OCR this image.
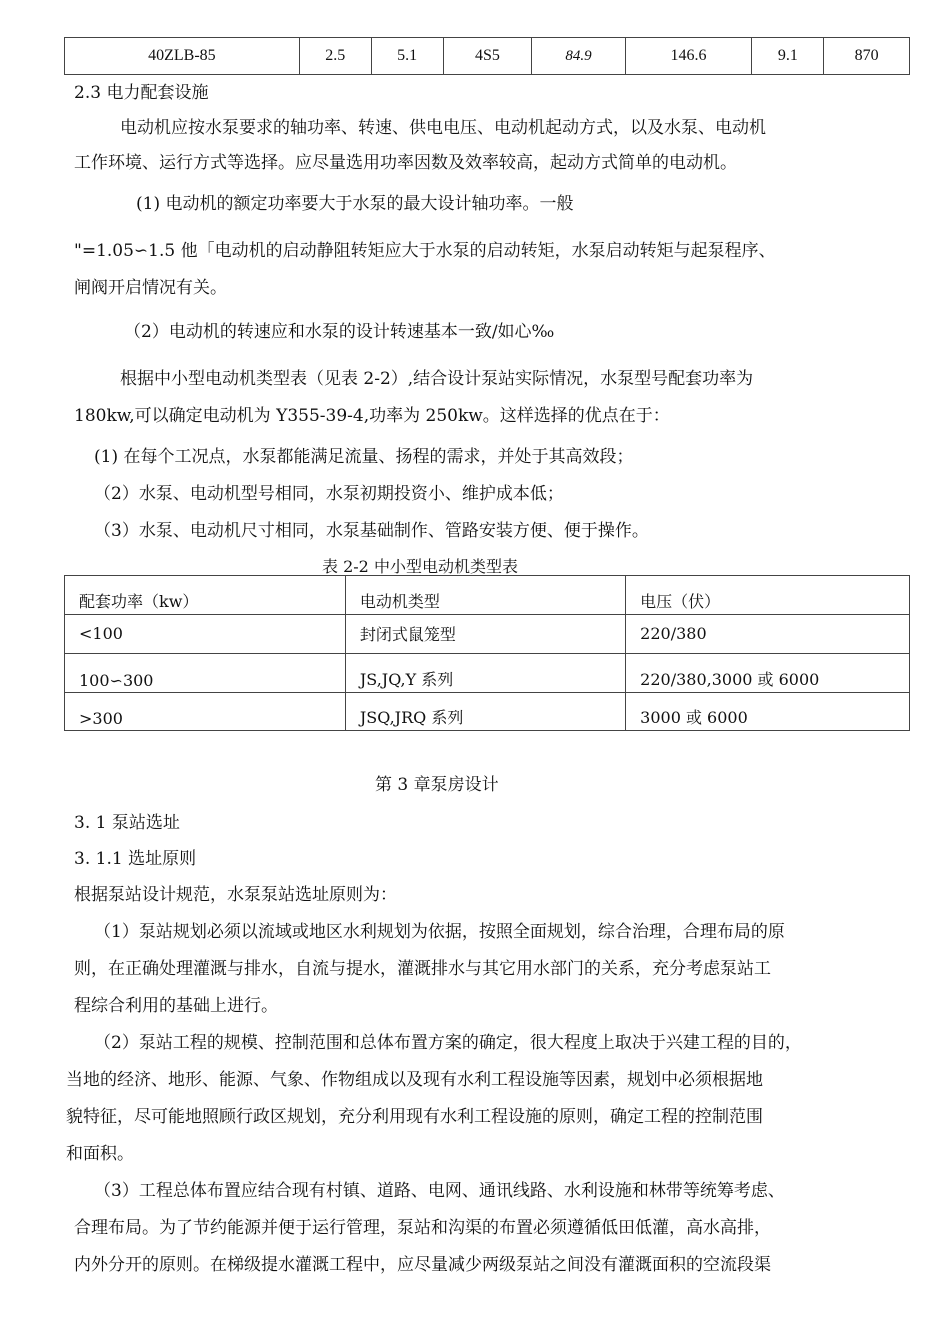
40ZLB-85	2.5	5.1	4S5	84.9	146.6	9.1	870
2.3 电力配套设施
电动机应按水泵要求的轴功率、转速、供电电压、电动机起动方式，以及水泵、电动机
工作环境、运行方式等选择。应尽量选用功率因数及效率较高，起动方式简单的电动机。
(1) 电动机的额定功率要大于水泵的最大设计轴功率。一般
"=1.05∽1.5 他「电动机的启动静阻转矩应大于水泵的启动转矩，水泵启动转矩与起泵程序、
闸阀开启情况有关。
（2）电动机的转速应和水泵的设计转速基本一致∕如心‰
根据中小型电动机类型表（见表 2-2）,结合设计泵站实际情况，水泵型号配套功率为
180kw,可以确定电动机为 Y355-39-4,功率为 250kw。这样选择的优点在于：
(1) 在每个工况点，水泵都能满足流量、扬程的需求，并处于其高效段；
（2）水泵、电动机型号相同，水泵初期投资小、维护成本低；
（3）水泵、电动机尺寸相同，水泵基础制作、管路安装方便、便于操作。
表 2-2 中小型电动机类型表
配套功率（kw）	电动机类型	电压（伏）
<100	封闭式鼠笼型	220/380
100∽300	JS,JQ,Y 系列	220/380,3000 或 6000
>300	JSQ,JRQ 系列	3000 或 6000
第 3 章泵房设计
3. 1 泵站选址
3. 1.1 选址原则
根据泵站设计规范，水泵泵站选址原则为：
（1）泵站规划必须以流域或地区水利规划为依据，按照全面规划，综合治理，合理布局的原
则，在正确处理灌溉与排水，自流与提水，灌溉排水与其它用水部门的关系，充分考虑泵站工
程综合利用的基础上进行。
（2）泵站工程的规模、控制范围和总体布置方案的确定，很大程度上取决于兴建工程的目的，
当地的经济、地形、能源、气象、作物组成以及现有水利工程设施等因素，规划中必须根据地
貌特征，尽可能地照顾行政区规划，充分利用现有水利工程设施的原则，确定工程的控制范围
和面积。
（3）工程总体布置应结合现有村镇、道路、电网、通讯线路、水利设施和林带等统筹考虑、
合理布局。为了节约能源并便于运行管理，泵站和沟渠的布置必须遵循低田低灌，高水高排，
内外分开的原则。在梯级提水灌溉工程中，应尽量减少两级泵站之间没有灌溉面积的空流段渠
